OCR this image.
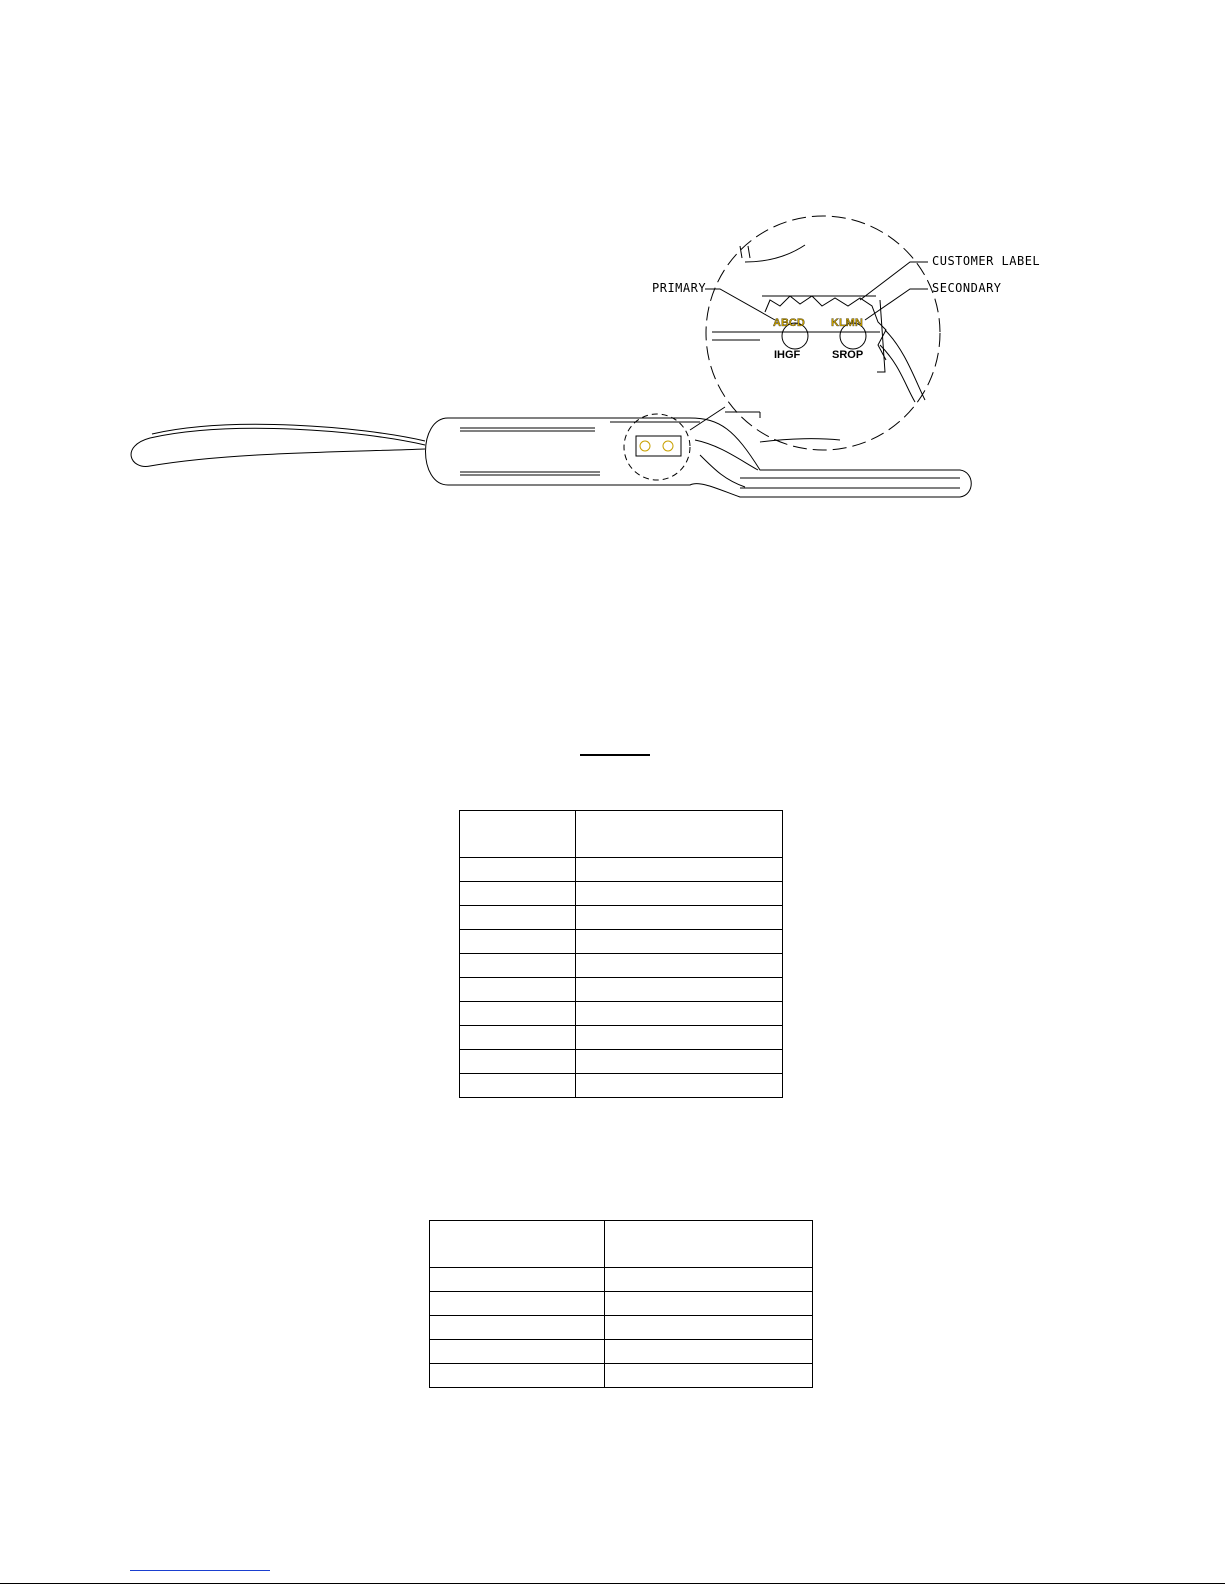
ABCD KLMN
IHGF	SROP
PRIMARY
CUSTOMER LABEL
SECONDARY
